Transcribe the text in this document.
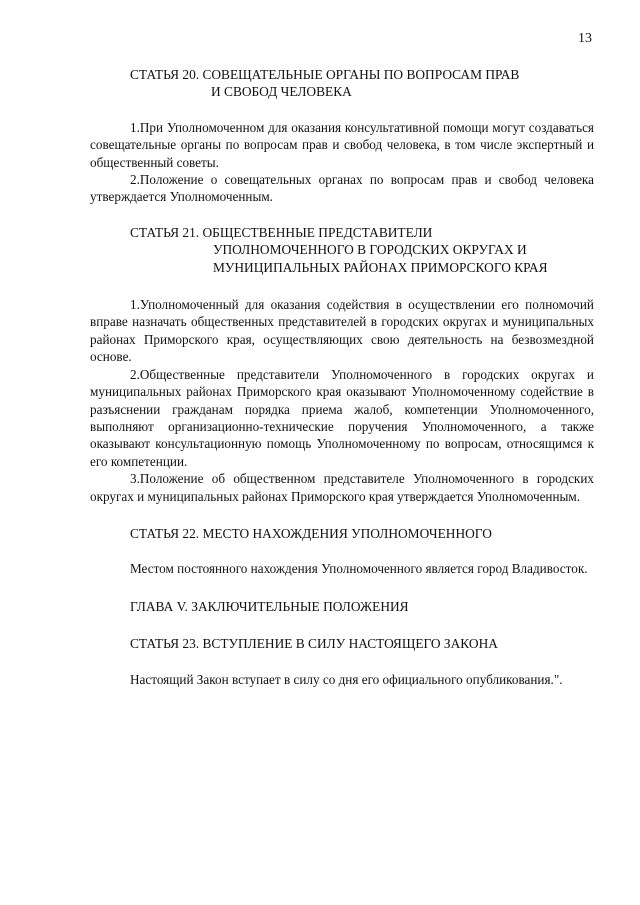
13
СТАТЬЯ 20. СОВЕЩАТЕЛЬНЫЕ ОРГАНЫ ПО ВОПРОСАМ ПРАВ
И СВОБОД ЧЕЛОВЕКА

1.При Уполномоченном для оказания консультативной помощи могут создаваться совещательные органы по вопросам прав и свобод человека, в том числе экспертный и общественный советы.

2.Положение о совещательных органах по вопросам прав и свобод человека утверждается Уполномоченным.

СТАТЬЯ 21. ОБЩЕСТВЕННЫЕ ПРЕДСТАВИТЕЛИ
УПОЛНОМОЧЕННОГО В ГОРОДСКИХ ОКРУГАХ И
МУНИЦИПАЛЬНЫХ РАЙОНАХ ПРИМОРСКОГО КРАЯ

1.Уполномоченный для оказания содействия в осуществлении его полномочий вправе назначать общественных представителей в городских округах и муниципальных районах Приморского края, осуществляющих свою деятельность на безвозмездной основе.

2.Общественные представители Уполномоченного в городских округах и муниципальных районах Приморского края оказывают Уполномоченному содействие в разъяснении гражданам порядка приема жалоб, компетенции Уполномоченного, выполняют организационно-технические поручения Уполномоченного, а также оказывают консультационную помощь Уполномоченному по вопросам, относящимся к его компетенции.

3.Положение об общественном представителе Уполномоченного в городских округах и муниципальных районах Приморского края утверждается Уполномоченным.

СТАТЬЯ 22. МЕСТО НАХОЖДЕНИЯ УПОЛНОМОЧЕННОГО

Местом постоянного нахождения Уполномоченного является город Владивосток.

ГЛАВА V. ЗАКЛЮЧИТЕЛЬНЫЕ ПОЛОЖЕНИЯ
СТАТЬЯ 23. ВСТУПЛЕНИЕ В СИЛУ НАСТОЯЩЕГО ЗАКОНА

Настоящий Закон вступает в силу со дня его официального опубликования.".
